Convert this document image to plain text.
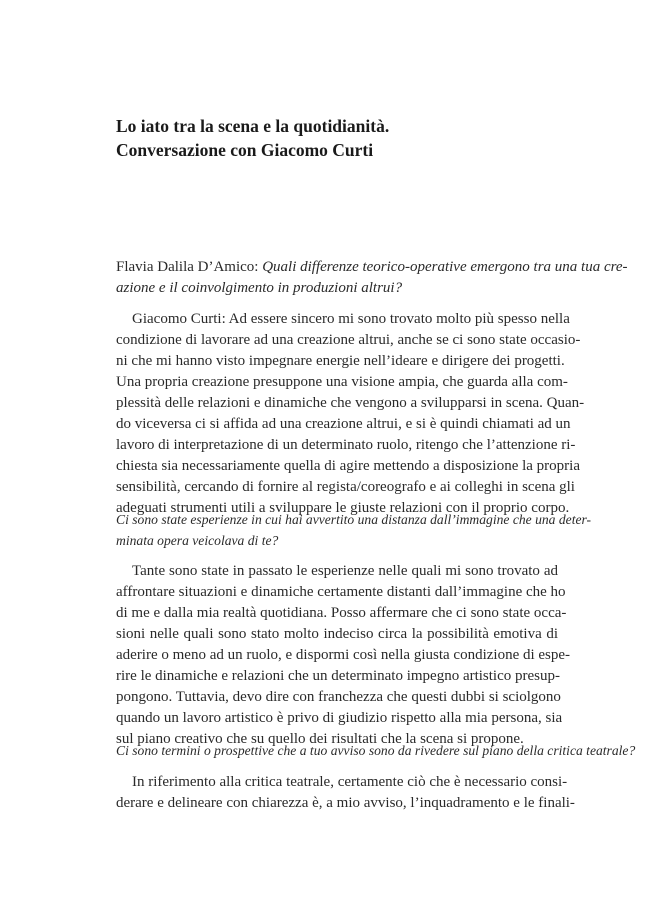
Lo iato tra la scena e la quotidianità.
Conversazione con Giacomo Curti
Flavia Dalila D’Amico: Quali differenze teorico-operative emergono tra una tua cre-
azione e il coinvolgimento in produzioni altrui?
Giacomo Curti: Ad essere sincero mi sono trovato molto più spesso nella
condizione di lavorare ad una creazione altrui, anche se ci sono state occasio-
ni che mi hanno visto impegnare energie nell’ideare e dirigere dei progetti.
Una propria creazione presuppone una visione ampia, che guarda alla com-
plessità delle relazioni e dinamiche che vengono a svilupparsi in scena. Quan-
do viceversa ci si affida ad una creazione altrui, e si è quindi chiamati ad un
lavoro di interpretazione di un determinato ruolo, ritengo che l’attenzione ri-
chiesta sia necessariamente quella di agire mettendo a disposizione la propria
sensibilità, cercando di fornire al regista/coreografo e ai colleghi in scena gli
adeguati strumenti utili a sviluppare le giuste relazioni con il proprio corpo.
Ci sono state esperienze in cui hai avvertito una distanza dall’immagine che una deter-
minata opera veicolava di te?
Tante sono state in passato le esperienze nelle quali mi sono trovato ad
affrontare situazioni e dinamiche certamente distanti dall’immagine che ho
di me e dalla mia realtà quotidiana. Posso affermare che ci sono state occa-
sioni nelle quali sono stato molto indeciso circa la possibilità emotiva di
aderire o meno ad un ruolo, e dispormi così nella giusta condizione di espe-
rire le dinamiche e relazioni che un determinato impegno artistico presup-
pongono. Tuttavia, devo dire con franchezza che questi dubbi si sciolgono
quando un lavoro artistico è privo di giudizio rispetto alla mia persona, sia
sul piano creativo che su quello dei risultati che la scena si propone.
Ci sono termini o prospettive che a tuo avviso sono da rivedere sul piano della critica teatrale?
In riferimento alla critica teatrale, certamente ciò che è necessario consi-
derare e delineare con chiarezza è, a mio avviso, l’inquadramento e le finali-
